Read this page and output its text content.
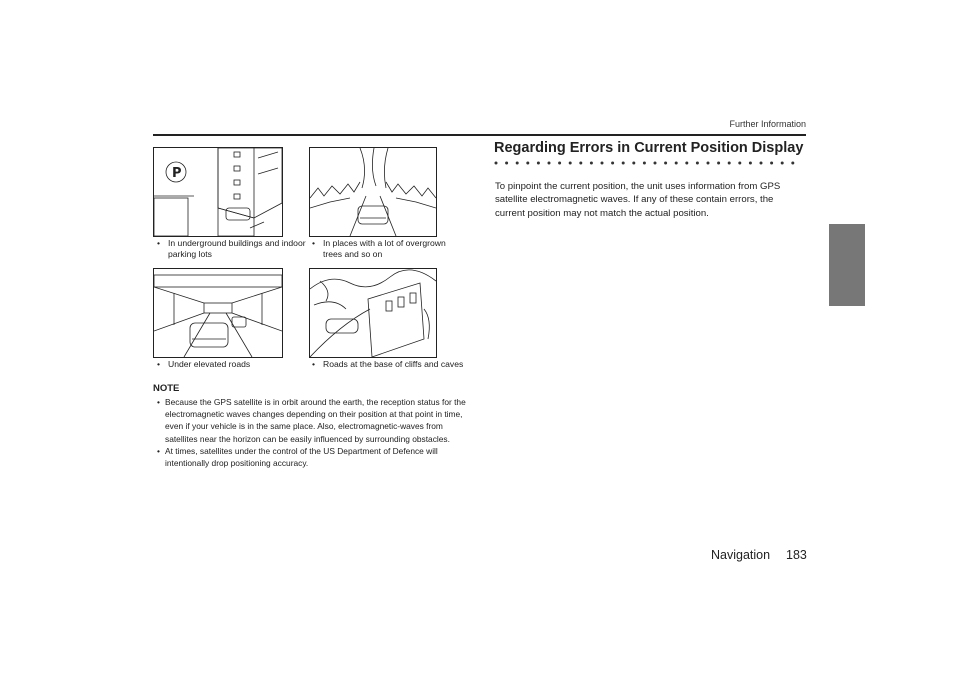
Further Information
P
• In underground buildings and indoor parking lots
• In places with a lot of overgrown trees and so on
• Under elevated roads	• Roads at the base of cliffs and caves
NOTE
• Because the GPS satellite is in orbit around the earth, the reception status for the electromagnetic waves changes depending on their position at that point in time, even if your vehicle is in the same place. Also, electromagnetic-waves from satellites near the horizon can be easily influenced by surrounding obstacles.
• At times, satellites under the control of the US Department of Defence will intentionally drop positioning accuracy.
Regarding Errors in Current Position Display
To pinpoint the current position, the unit uses information from GPS satellite electromagnetic waves. If any of these contain errors, the current position may not match the actual position.
Navigation 183
